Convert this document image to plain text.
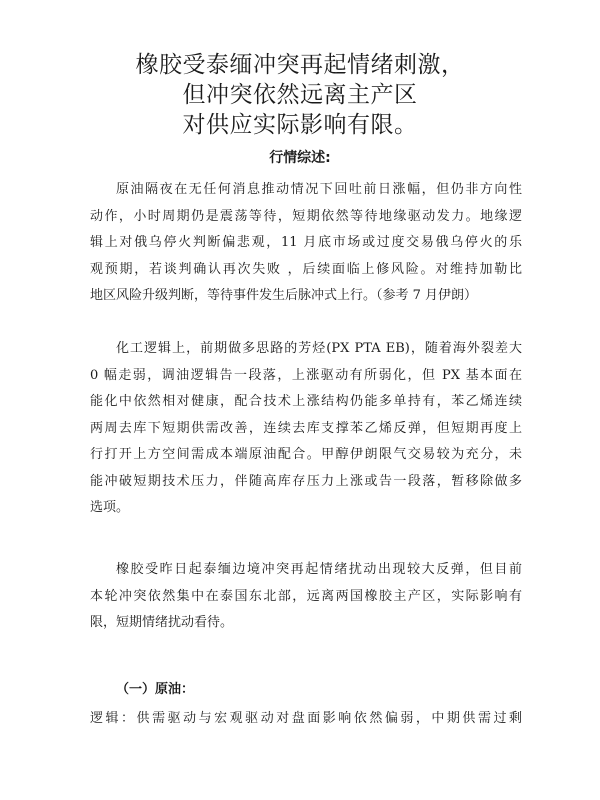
橡胶受泰缅冲突再起情绪刺激，
但冲突依然远离主产区
对供应实际影响有限。
行情综述:
原油隔夜在无任何消息推动情况下回吐前日涨幅，但仍非方向性
动作，小时周期仍是震荡等待，短期依然等待地缘驱动发力。地缘逻
辑上对俄乌停火判断偏悲观，11 月底市场或过度交易俄乌停火的乐
观预期，若谈判确认再次失败 ，后续面临上修风险。对维持加勒比
地区风险升级判断，等待事件发生后脉冲式上行。（参考 7 月伊朗）
化工逻辑上，前期做多思路的芳烃(PX PTA EB)，随着海外裂差大
0 幅走弱，调油逻辑告一段落，上涨驱动有所弱化，但 PX 基本面在
能化中依然相对健康，配合技术上涨结构仍能多单持有，苯乙烯连续
两周去库下短期供需改善，连续去库支撑苯乙烯反弹，但短期再度上
行打开上方空间需成本端原油配合。甲醇伊朗限气交易较为充分，未
能冲破短期技术压力，伴随高库存压力上涨或告一段落，暂移除做多
选项。
橡胶受昨日起泰缅边境冲突再起情绪扰动出现较大反弹，但目前
本轮冲突依然集中在泰国东北部，远离两国橡胶主产区，实际影响有
限，短期情绪扰动看待。
（一）原油：
逻辑：供需驱动与宏观驱动对盘面影响依然偏弱，中期供需过剩
